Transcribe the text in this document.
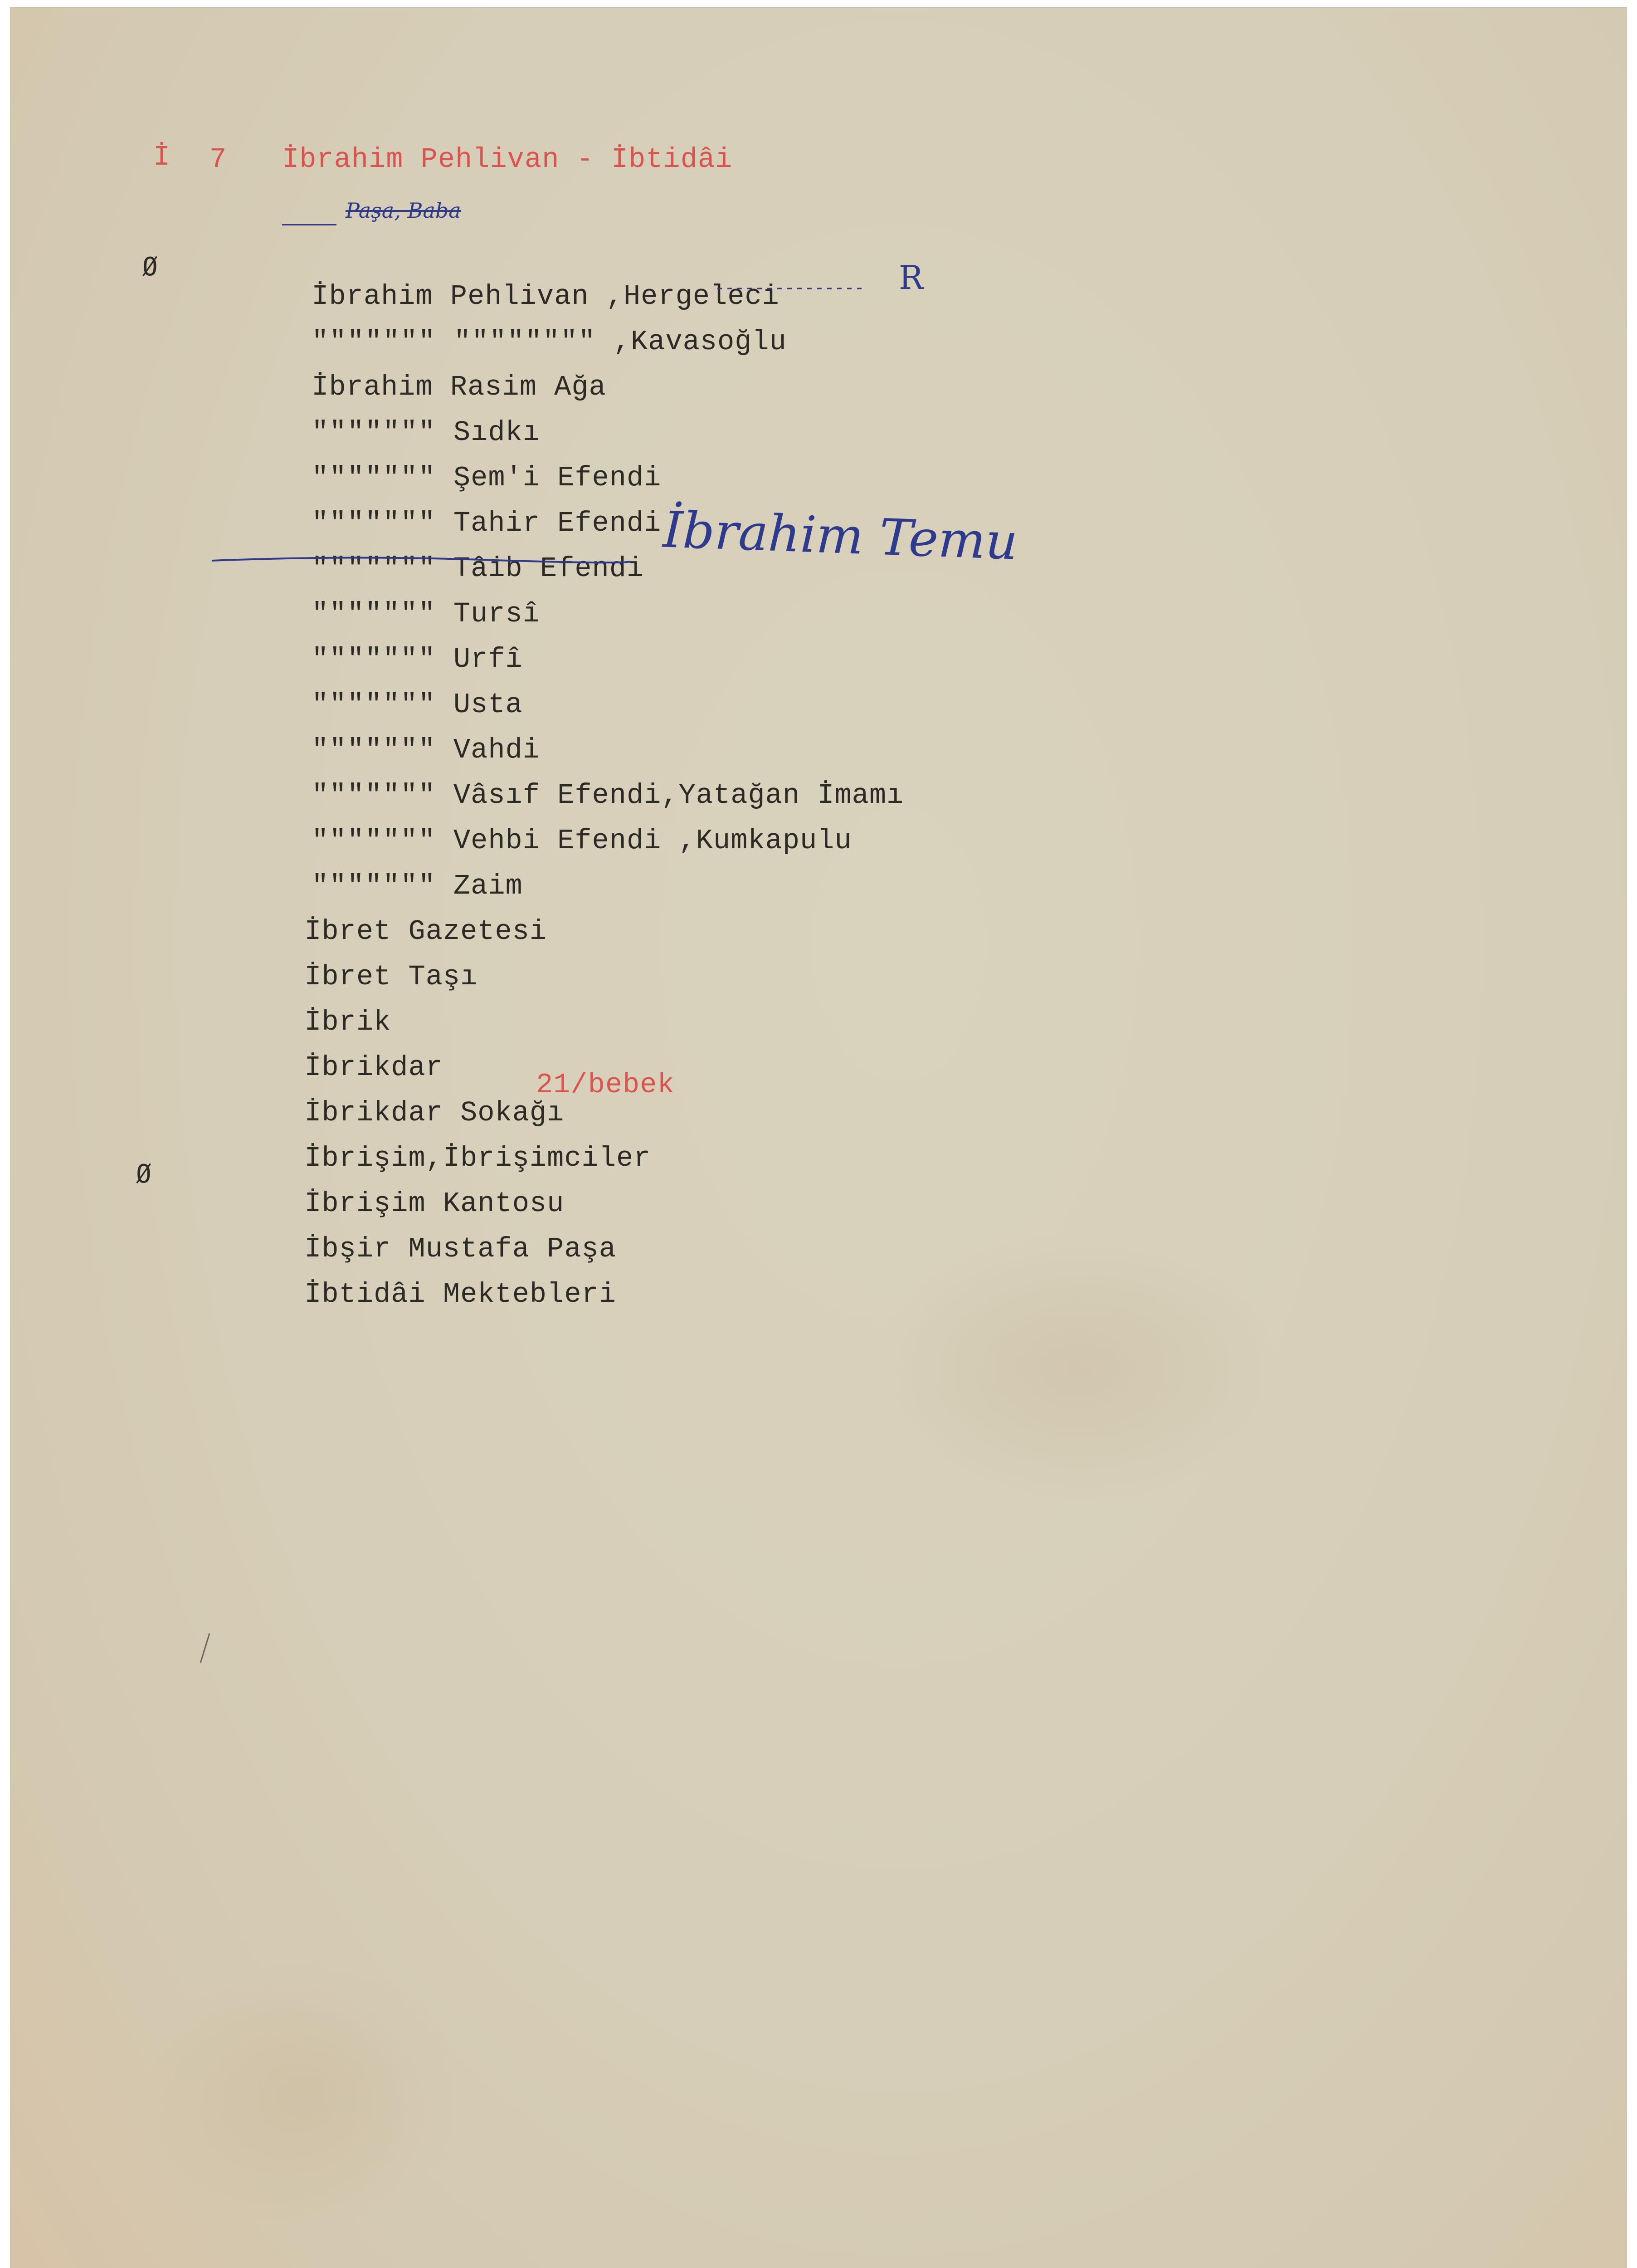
İ 7 İbrahim Pehlivan - İbtidâi
Paşa, Baba
Ø

İbrahim Pehlivan ,Hergeleci

""""""" """""""" ,Kavasoğlu

İbrahim Rasim Ağa

""""""" Sıdkı

""""""" Şem'i Efendi

""""""" Tahir Efendi

""""""" Tâib Efendi

""""""" Tursî

""""""" Urfî

""""""" Usta

""""""" Vahdi

""""""" Vâsıf Efendi,Yatağan İmamı

""""""" Vehbi Efendi ,Kumkapulu

""""""" Zaim

İbret Gazetesi

İbret Taşı

İbrik

İbrikdar

İbrikdar Sokağı

21/bebek

İbrişim,İbrişimciler

İbrişim Kantosu

İbşir Mustafa Paşa

İbtidâi Mektebleri

Ø
R
İbrahim Temu
